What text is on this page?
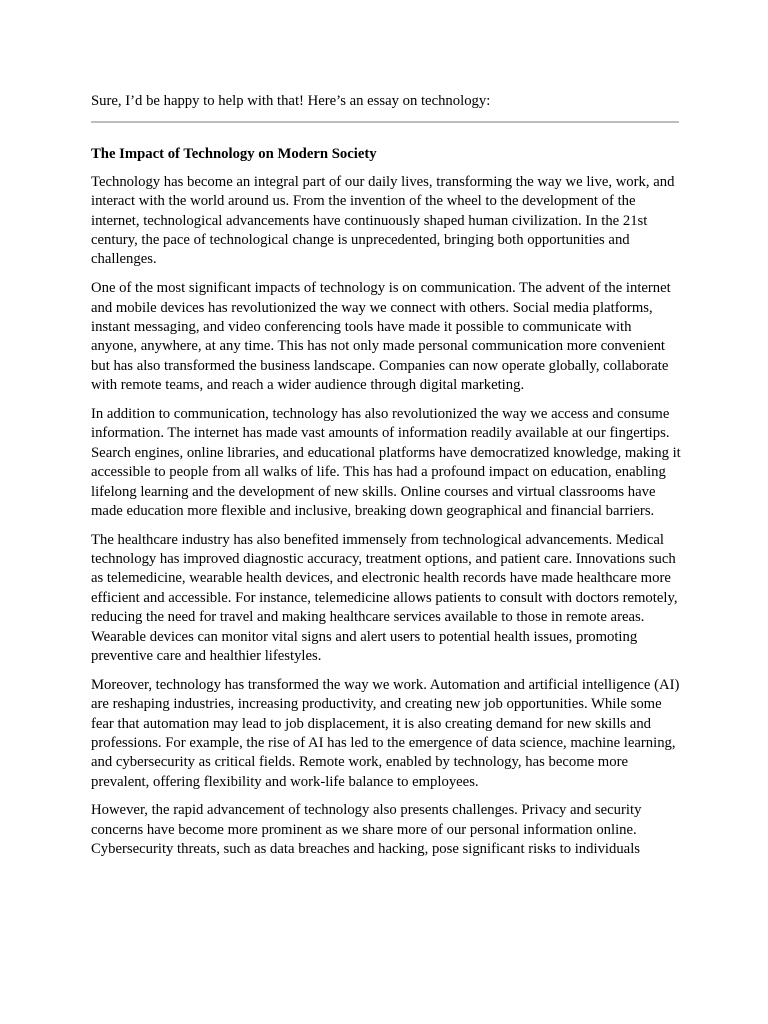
Sure, I’d be happy to help with that! Here’s an essay on technology:

The Impact of Technology on Modern Society

Technology has become an integral part of our daily lives, transforming the way we live, work, and interact with the world around us. From the invention of the wheel to the development of the internet, technological advancements have continuously shaped human civilization. In the 21st century, the pace of technological change is unprecedented, bringing both opportunities and challenges.

One of the most significant impacts of technology is on communication. The advent of the internet and mobile devices has revolutionized the way we connect with others. Social media platforms, instant messaging, and video conferencing tools have made it possible to communicate with anyone, anywhere, at any time. This has not only made personal communication more convenient but has also transformed the business landscape. Companies can now operate globally, collaborate with remote teams, and reach a wider audience through digital marketing.

In addition to communication, technology has also revolutionized the way we access and consume information. The internet has made vast amounts of information readily available at our fingertips. Search engines, online libraries, and educational platforms have democratized knowledge, making it accessible to people from all walks of life. This has had a profound impact on education, enabling lifelong learning and the development of new skills. Online courses and virtual classrooms have made education more flexible and inclusive, breaking down geographical and financial barriers.

The healthcare industry has also benefited immensely from technological advancements. Medical technology has improved diagnostic accuracy, treatment options, and patient care. Innovations such as telemedicine, wearable health devices, and electronic health records have made healthcare more efficient and accessible. For instance, telemedicine allows patients to consult with doctors remotely, reducing the need for travel and making healthcare services available to those in remote areas. Wearable devices can monitor vital signs and alert users to potential health issues, promoting preventive care and healthier lifestyles.

Moreover, technology has transformed the way we work. Automation and artificial intelligence (AI) are reshaping industries, increasing productivity, and creating new job opportunities. While some fear that automation may lead to job displacement, it is also creating demand for new skills and professions. For example, the rise of AI has led to the emergence of data science, machine learning, and cybersecurity as critical fields. Remote work, enabled by technology, has become more prevalent, offering flexibility and work-life balance to employees.

However, the rapid advancement of technology also presents challenges. Privacy and security concerns have become more prominent as we share more of our personal information online. Cybersecurity threats, such as data breaches and hacking, pose significant risks to individuals
